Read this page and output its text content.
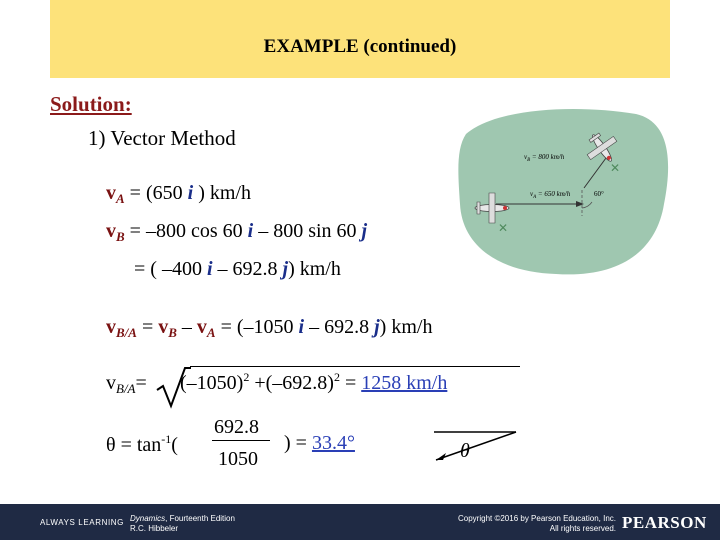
EXAMPLE (continued)
Solution:
1) Vector Method
$v_A = (650$ i ) km/h
$v_B = -800$ cos 60 i – 800 sin 60 j
= ( –400 i – 692.8 j) km/h
$v_{B/A} = v_B - v_A = (-1050$ i – 692.8 j) km/h
$v_{B/A}= (-1050)^2 +(-692.8)^2 = 1258$ km/h
$\theta = \tan^{-1}$(
692.8
1050
) = 33.4°	θ
✕
✕
$v_B = 800$ km/h
$v_A = 650$ km/h	60°
ALWAYS LEARNING Dynamics, Fourteenth Edition
R.C. Hibbeler
Copyright ©2016 by Pearson Education, Inc.
All rights reserved. PEARSON
